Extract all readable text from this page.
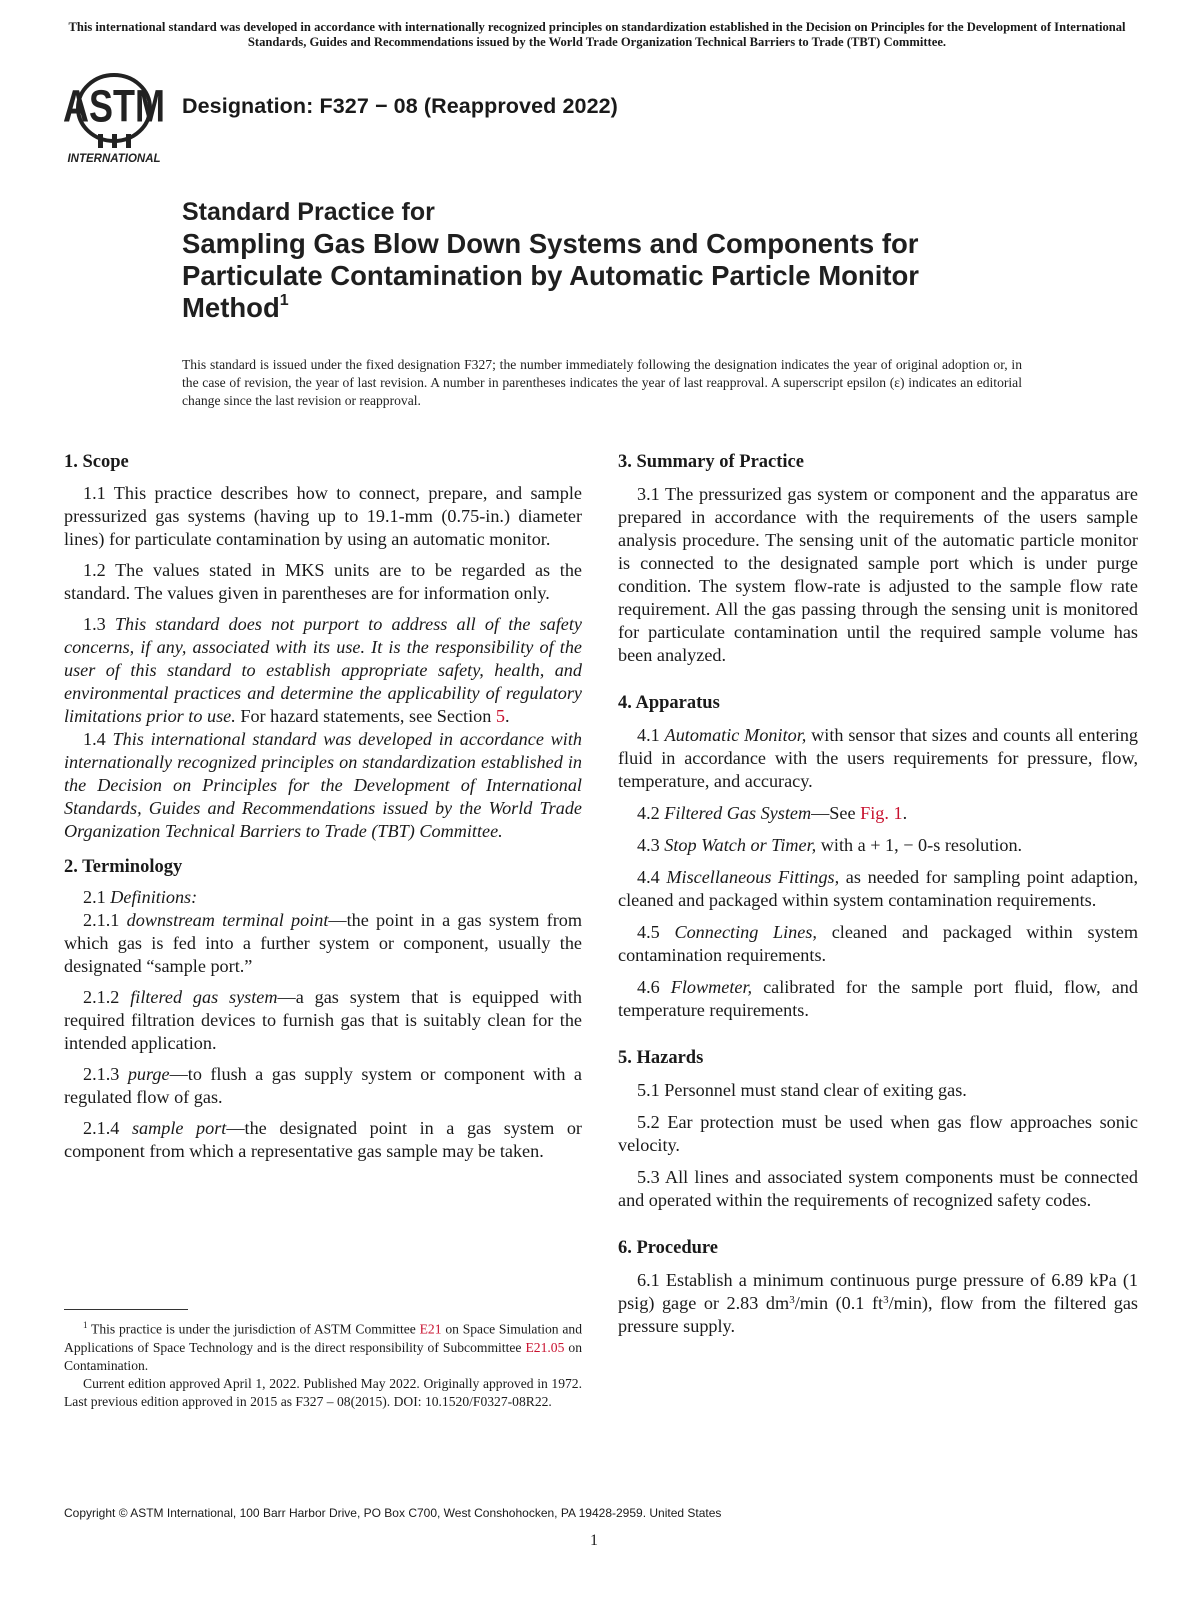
This international standard was developed in accordance with internationally recognized principles on standardization established in the Decision on Principles for the Development of International Standards, Guides and Recommendations issued by the World Trade Organization Technical Barriers to Trade (TBT) Committee.
ASTM
INTERNATIONAL
Designation: F327 − 08 (Reapproved 2022)
Standard Practice for
Sampling Gas Blow Down Systems and Components for
Particulate Contamination by Automatic Particle Monitor
Method$^1$
This standard is issued under the fixed designation F327; the number immediately following the designation indicates the year of original adoption or, in the case of revision, the year of last revision. A number in parentheses indicates the year of last reapproval. A superscript epsilon (ε) indicates an editorial change since the last revision or reapproval.
1. Scope

1.1 This practice describes how to connect, prepare, and sample pressurized gas systems (having up to 19.1-mm (0.75-in.) diameter lines) for particulate contamination by using an automatic monitor.

1.2 The values stated in MKS units are to be regarded as the standard. The values given in parentheses are for information only.

1.3 This standard does not purport to address all of the safety concerns, if any, associated with its use. It is the responsibility of the user of this standard to establish appropriate safety, health, and environmental practices and determine the applicability of regulatory limitations prior to use. For hazard statements, see Section 5.

1.4 This international standard was developed in accordance with internationally recognized principles on standardization established in the Decision on Principles for the Development of International Standards, Guides and Recommendations issued by the World Trade Organization Technical Barriers to Trade (TBT) Committee.

2. Terminology

2.1 Definitions:

2.1.1 downstream terminal point—the point in a gas system from which gas is fed into a further system or component, usually the designated “sample port.”

2.1.2 filtered gas system—a gas system that is equipped with required filtration devices to furnish gas that is suitably clean for the intended application.

2.1.3 purge—to flush a gas supply system or component with a regulated flow of gas.

2.1.4 sample port—the designated point in a gas system or component from which a representative gas sample may be taken.

$^1$ This practice is under the jurisdiction of ASTM Committee E21 on Space Simulation and Applications of Space Technology and is the direct responsibility of Subcommittee E21.05 on Contamination.

Current edition approved April 1, 2022. Published May 2022. Originally approved in 1972. Last previous edition approved in 2015 as F327 – 08(2015). DOI: 10.1520/F0327-08R22.

3. Summary of Practice

3.1 The pressurized gas system or component and the apparatus are prepared in accordance with the requirements of the users sample analysis procedure. The sensing unit of the automatic particle monitor is connected to the designated sample port which is under purge condition. The system flow-rate is adjusted to the sample flow rate requirement. All the gas passing through the sensing unit is monitored for particulate contamination until the required sample volume has been analyzed.

4. Apparatus

4.1 Automatic Monitor, with sensor that sizes and counts all entering fluid in accordance with the users requirements for pressure, flow, temperature, and accuracy.

4.2 Filtered Gas System—See Fig. 1.

4.3 Stop Watch or Timer, with a + 1, − 0-s resolution.

4.4 Miscellaneous Fittings, as needed for sampling point adaption, cleaned and packaged within system contamination requirements.

4.5 Connecting Lines, cleaned and packaged within system contamination requirements.

4.6 Flowmeter, calibrated for the sample port fluid, flow, and temperature requirements.

5. Hazards

5.1 Personnel must stand clear of exiting gas.

5.2 Ear protection must be used when gas flow approaches sonic velocity.

5.3 All lines and associated system components must be connected and operated within the requirements of recognized safety codes.

6. Procedure

6.1 Establish a minimum continuous purge pressure of 6.89 kPa (1 psig) gage or 2.83 $dm^3/\min$ (0.1 $ft^3/\min$), flow from the filtered gas pressure supply.

Copyright © ASTM International, 100 Barr Harbor Drive, PO Box C700, West Conshohocken, PA 19428-2959. United States
1
